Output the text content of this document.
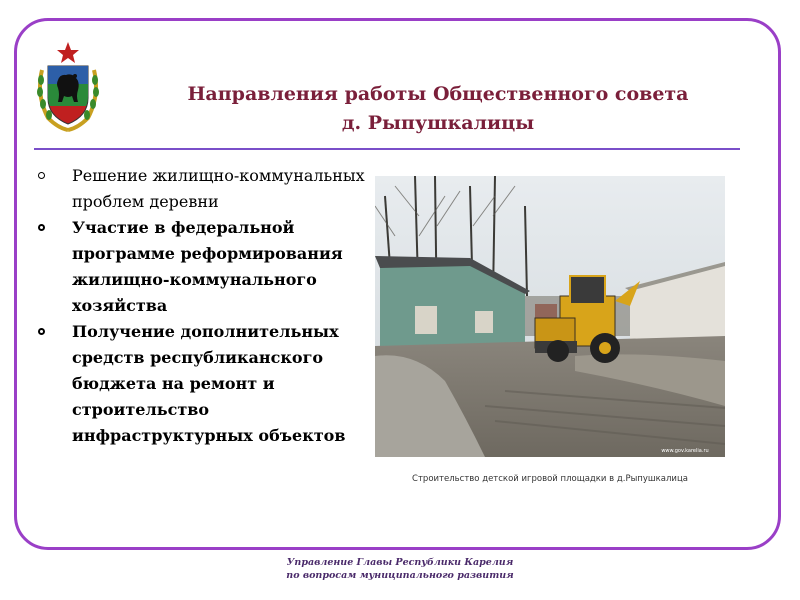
Направления работы Общественного совета
д. Рыпушкалицы
Решение жилищно-коммунальных проблем деревни
Участие в федеральной программе реформирования жилищно-коммунального хозяйства
Получение дополнительных средств республиканского бюджета на ремонт и строительство инфраструктурных объектов
www.gov.karelia.ru
Строительство детской игровой площадки в д.Рыпушкалица
Управление Главы Республики Карелия
по вопросам муниципального развития
